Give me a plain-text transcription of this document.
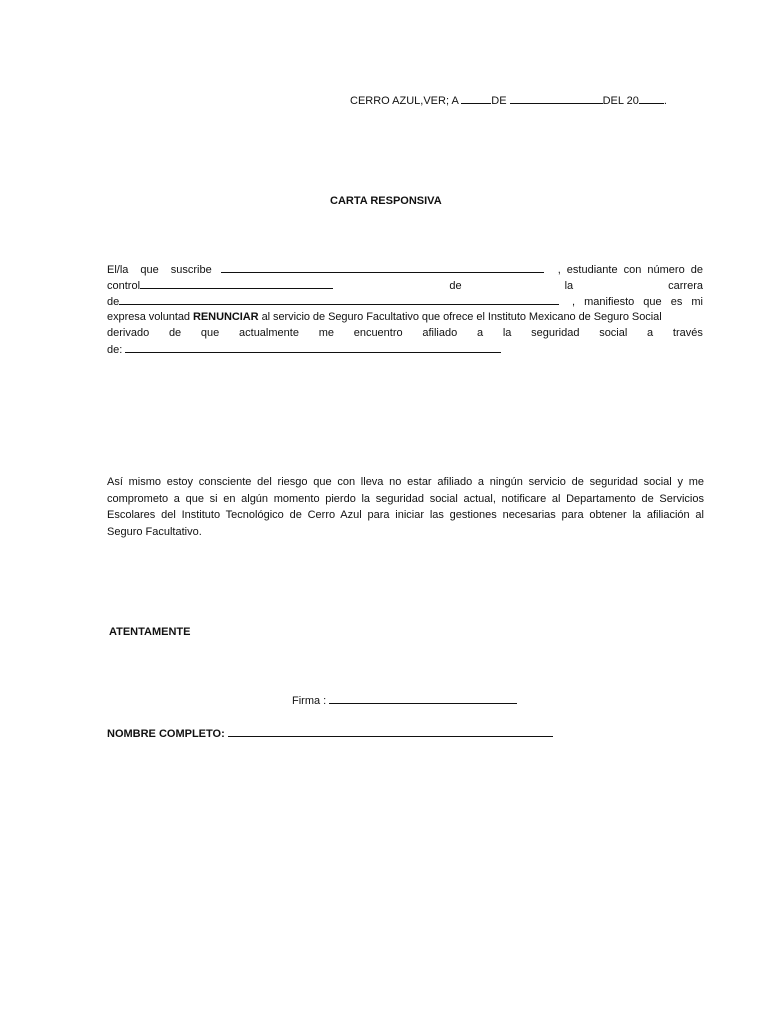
CERRO AZUL,VER; A	DE	DEL 20 .
CARTA RESPONSIVA
El/la que suscribe	, estudiante con número de
control	de	la	carrera
de	, manifiesto que es mi
expresa voluntad RENUNCIAR al servicio de Seguro Facultativo que ofrece el Instituto Mexicano de Seguro Social
derivado de que actualmente me encuentro afiliado a la seguridad social a través
de:
Así mismo estoy consciente del riesgo que con lleva no estar afiliado a ningún servicio de seguridad social y me
comprometo a que si en algún momento pierdo la seguridad social actual, notificare al Departamento de Servicios
Escolares del Instituto Tecnológico de Cerro Azul para iniciar las gestiones necesarias para obtener la afiliación al
Seguro Facultativo.
ATENTAMENTE
Firma :
NOMBRE COMPLETO:
